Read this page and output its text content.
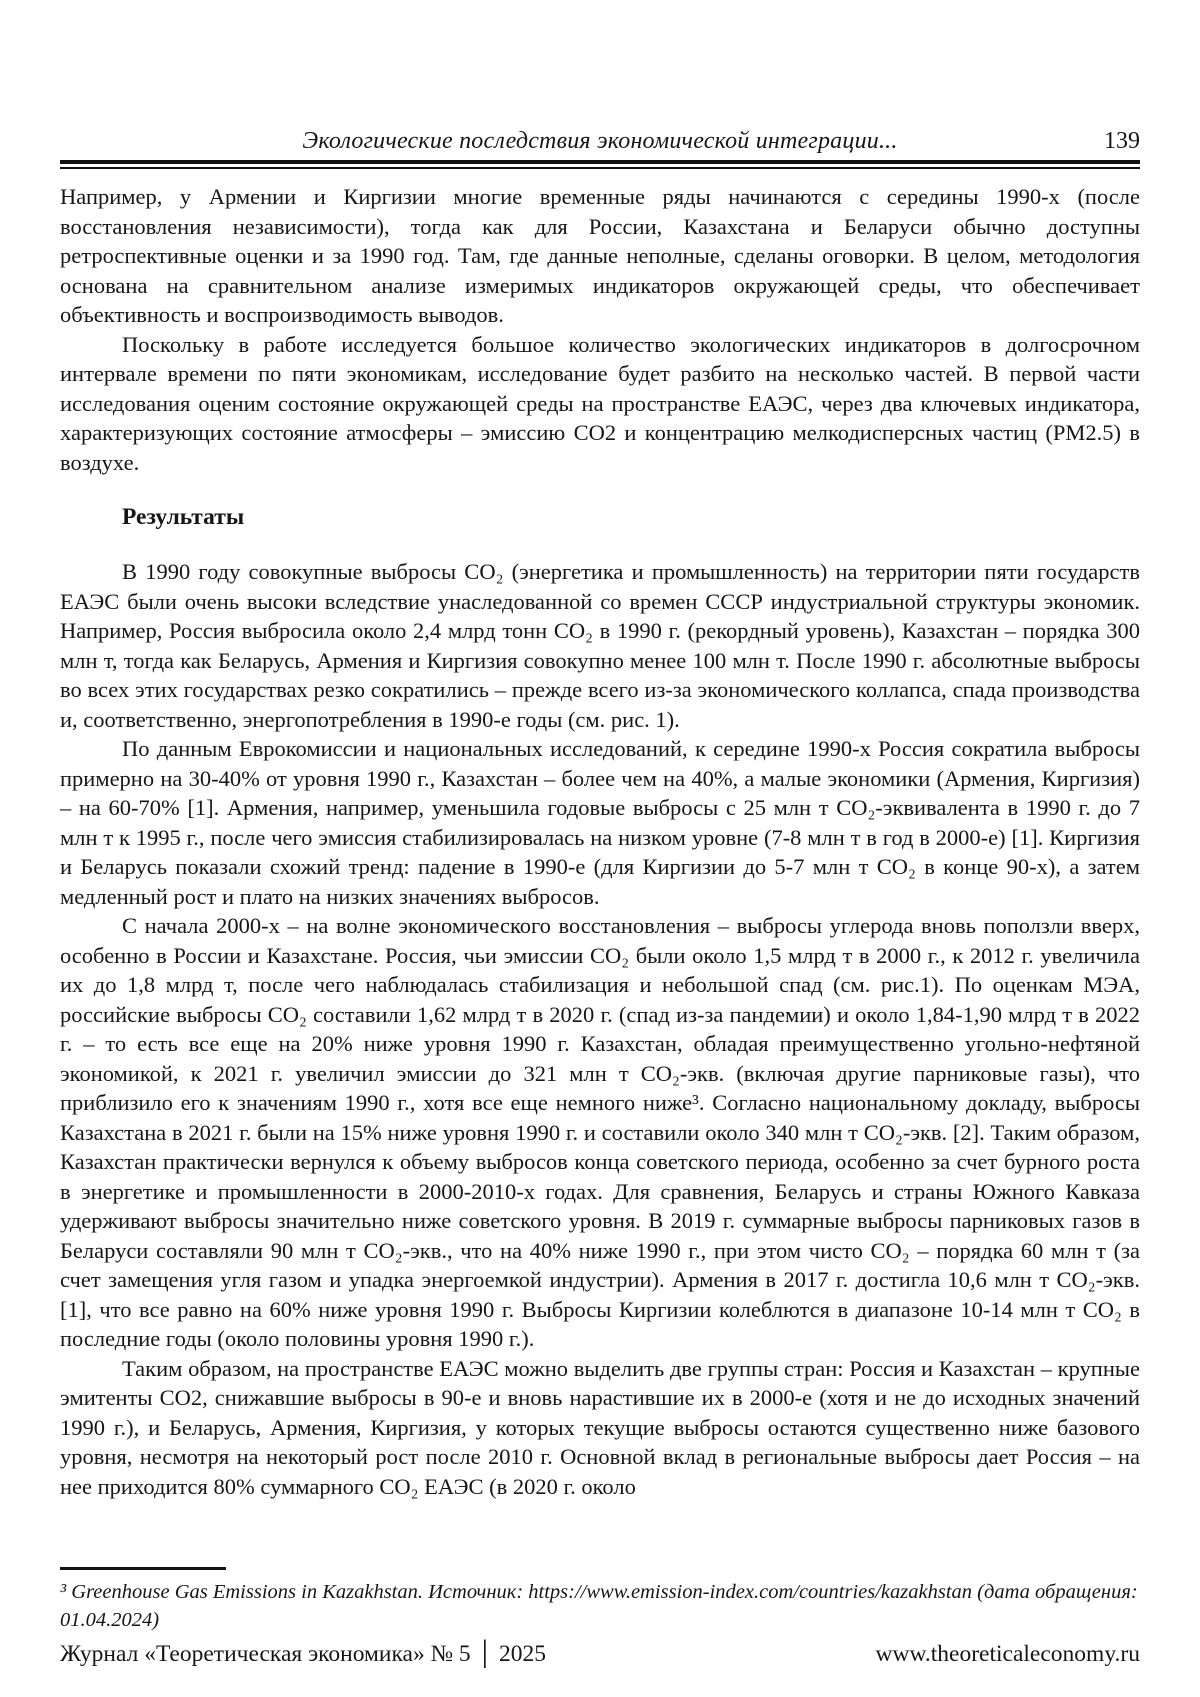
Экологические последствия экономической интеграции...	139

Например, у Армении и Киргизии многие временные ряды начинаются с середины 1990-х (после восстановления независимости), тогда как для России, Казахстана и Беларуси обычно доступны ретроспективные оценки и за 1990 год. Там, где данные неполные, сделаны оговорки. В целом, методология основана на сравнительном анализе измеримых индикаторов окружающей среды, что обеспечивает объективность и воспроизводимость выводов.

Поскольку в работе исследуется большое количество экологических индикаторов в долгосрочном интервале времени по пяти экономикам, исследование будет разбито на несколько частей. В первой части исследования оценим состояние окружающей среды на пространстве ЕАЭС, через два ключевых индикатора, характеризующих состояние атмосферы – эмиссию СО2 и концентрацию мелкодисперсных частиц (PM2.5) в воздухе.

Результаты

В 1990 году совокупные выбросы CO₂ (энергетика и промышленность) на территории пяти государств ЕАЭС были очень высоки вследствие унаследованной со времен СССР индустриальной структуры экономик. Например, Россия выбросила около 2,4 млрд тонн CO₂ в 1990 г. (рекордный уровень), Казахстан – порядка 300 млн т, тогда как Беларусь, Армения и Киргизия совокупно менее 100 млн т. После 1990 г. абсолютные выбросы во всех этих государствах резко сократились – прежде всего из-за экономического коллапса, спада производства и, соответственно, энергопотребления в 1990-е годы (см. рис. 1).

По данным Еврокомиссии и национальных исследований, к середине 1990-х Россия сократила выбросы примерно на 30-40% от уровня 1990 г., Казахстан – более чем на 40%, а малые экономики (Армения, Киргизия) – на 60-70% [1]. Армения, например, уменьшила годовые выбросы с 25 млн т CO₂-эквивалента в 1990 г. до 7 млн т к 1995 г., после чего эмиссия стабилизировалась на низком уровне (7-8 млн т в год в 2000-е) [1]. Киргизия и Беларусь показали схожий тренд: падение в 1990-е (для Киргизии до 5-7 млн т CO₂ в конце 90-х), а затем медленный рост и плато на низких значениях выбросов.

С начала 2000-х – на волне экономического восстановления – выбросы углерода вновь поползли вверх, особенно в России и Казахстане. Россия, чьи эмиссии CO₂ были около 1,5 млрд т в 2000 г., к 2012 г. увеличила их до 1,8 млрд т, после чего наблюдалась стабилизация и небольшой спад (см. рис.1). По оценкам МЭА, российские выбросы CO₂ составили 1,62 млрд т в 2020 г. (спад из-за пандемии) и около 1,84-1,90 млрд т в 2022 г. – то есть все еще на 20% ниже уровня 1990 г. Казахстан, обладая преимущественно угольно-нефтяной экономикой, к 2021 г. увеличил эмиссии до 321 млн т CO₂-экв. (включая другие парниковые газы), что приблизило его к значениям 1990 г., хотя все еще немного ниже³. Согласно национальному докладу, выбросы Казахстана в 2021 г. были на 15% ниже уровня 1990 г. и составили около 340 млн т CO₂-экв. [2]. Таким образом, Казахстан практически вернулся к объему выбросов конца советского периода, особенно за счет бурного роста в энергетике и промышленности в 2000-2010-х годах. Для сравнения, Беларусь и страны Южного Кавказа удерживают выбросы значительно ниже советского уровня. В 2019 г. суммарные выбросы парниковых газов в Беларуси составляли 90 млн т CO₂-экв., что на 40% ниже 1990 г., при этом чисто CO₂ – порядка 60 млн т (за счет замещения угля газом и упадка энергоемкой индустрии). Армения в 2017 г. достигла 10,6 млн т CO₂-экв. [1], что все равно на 60% ниже уровня 1990 г. Выбросы Киргизии колеблются в диапазоне 10-14 млн т CO₂ в последние годы (около половины уровня 1990 г.).

Таким образом, на пространстве ЕАЭС можно выделить две группы стран: Россия и Казахстан – крупные эмитенты СО2, снижавшие выбросы в 90-е и вновь нарастившие их в 2000-е (хотя и не до исходных значений 1990 г.), и Беларусь, Армения, Киргизия, у которых текущие выбросы остаются существенно ниже базового уровня, несмотря на некоторый рост после 2010 г. Основной вклад в региональные выбросы дает Россия – на нее приходится 80% суммарного CO₂ ЕАЭС (в 2020 г. около

³ Greenhouse Gas Emissions in Kazakhstan. Источник: https://www.emission-index.com/countries/kazakhstan (дата обращения: 01.04.2024)
Журнал «Теоретическая экономика» № 5 │ 2025	www.theoreticaleconomy.ru
